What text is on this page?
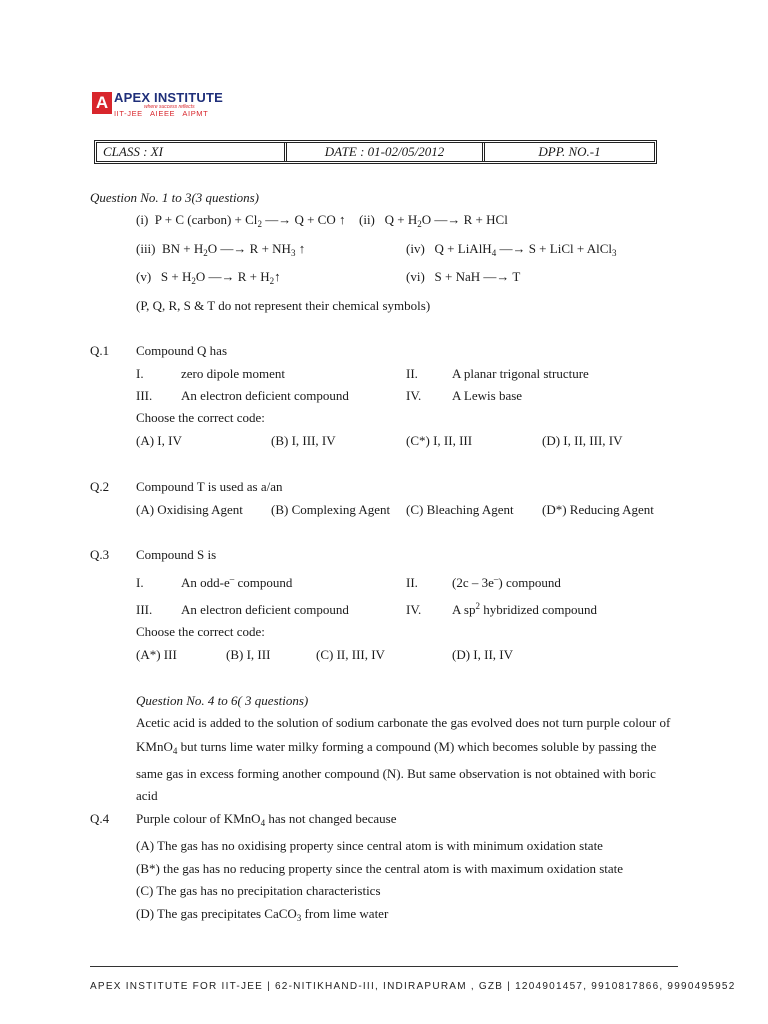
A APEX INSTITUTE
where success reflects
IIT-JEE AIEEE AIPMT
CLASS : XI	DATE : 01-02/05/2012	DPP. NO.-1
Question No. 1 to 3(3 questions)
(i) P + C (carbon) + $Cl_2$ —→ Q + CO ↑ (ii) $Q + H_2O$ —→ R + HCl
(iii) BN + $H_2O$ —→ $R + NH_3$ ↑	(iv) Q + LiAlH$_4$ —→ S + LiCl + AlCl$_3$
(v) $S + H_2O$ —→ $R + H_2↑$	(vi) S + NaH —→ T
(P, Q, R, S & T do not represent their chemical symbols)
Q.1 Compound Q has
I.	zero dipole moment	II.	A planar trigonal structure
III. An electron deficient compound	IV. A Lewis base
Choose the correct code:
(A) I, IV	(B) I, III, IV	(C*) I, II, III	(D) I, II, III, IV
Q.2 Compound T is used as a/an
(A) Oxidising Agent (B) Complexing Agent (C) Bleaching Agent (D*) Reducing Agent
Q.3 Compound S is
I.	An odd-e– compound	II.	(2c – 3e–) compound
III. An electron deficient compound	IV. A $sp^2$ hybridized compound
Choose the correct code:
(A*) III	(B) I, III	(C) II, III, IV	(D) I, II, IV
Question No. 4 to 6( 3 questions)
Acetic acid is added to the solution of sodium carbonate the gas evolved does not turn purple colour of
KMnO$_4$ but turns lime water milky forming a compound (M) which becomes soluble by passing the
same gas in excess forming another compound (N). But same observation is not obtained with boric
acid
Q.4 Purple colour of KMnO$_4$ has not changed because
(A) The gas has no oxidising property since central atom is with minimum oxidation state
(B*) the gas has no reducing property since the central atom is with maximum oxidation state
(C) The gas has no precipitation characteristics
(D) The gas precipitates CaCO$_3$ from lime water
APEX INSTITUTE FOR IIT-JEE | 62-NITIKHAND-III, INDIRAPURAM , GZB | 1204901457, 9910817866, 9990495952
